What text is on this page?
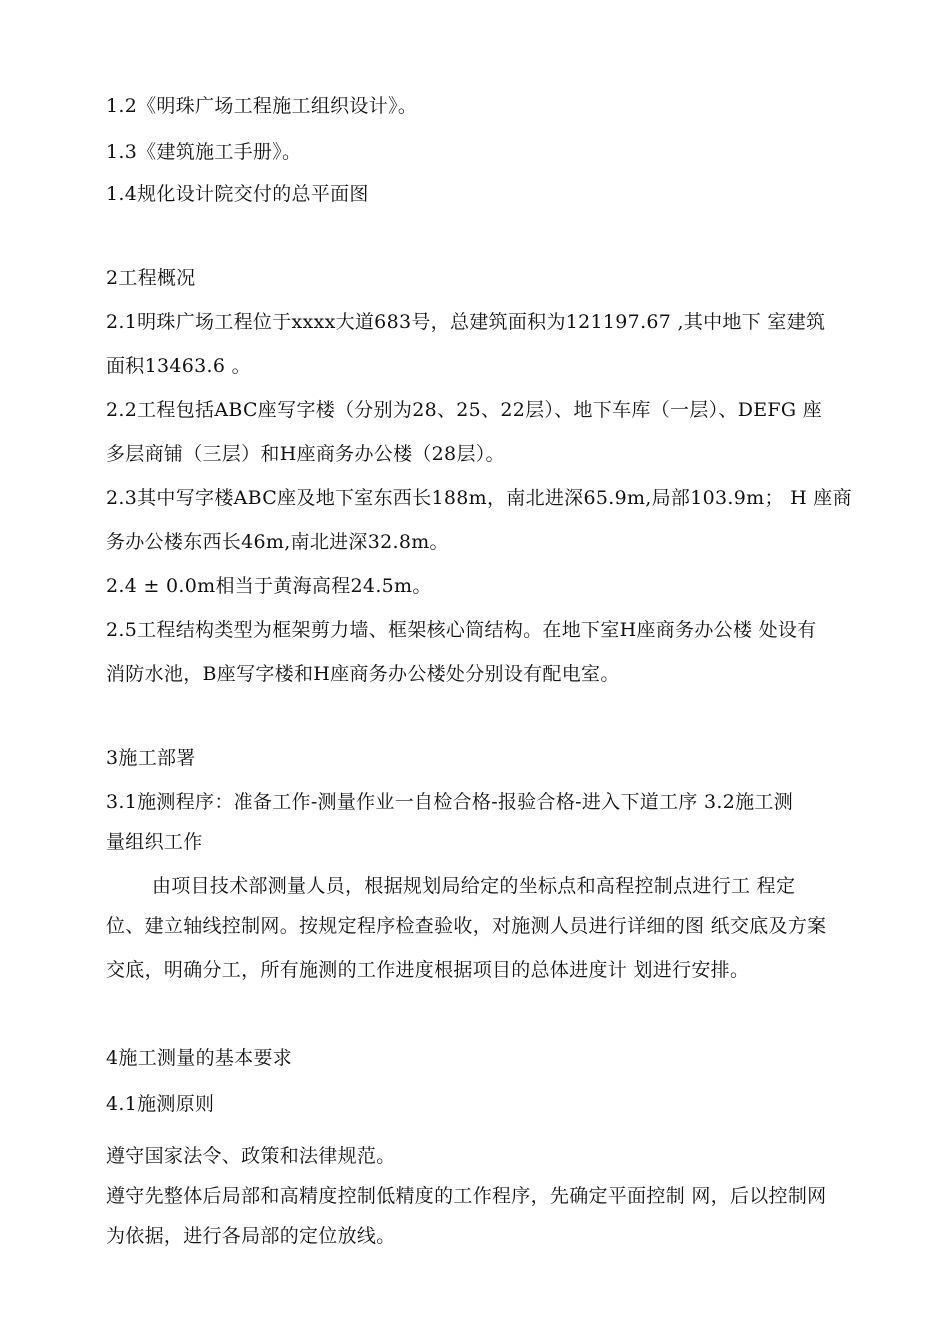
1.2《明珠广场工程施工组织设计》。
1.3《建筑施工手册》。
1.4规化设计院交付的总平面图
2工程概况
2.1明珠广场工程位于xxxx大道683号，总建筑面积为121197.67 ,其中地下 室建筑
面积13463.6 。
2.2工程包括ABC座写字楼（分别为28、25、22层）、地下车库（一层）、DEFG 座
多层商铺（三层）和H座商务办公楼（28层）。
2.3其中写字楼ABC座及地下室东西长188m，南北进深65.9m,局部103.9m； H 座商
务办公楼东西长46m,南北进深32.8m。
2.4 ± 0.0m相当于黄海高程24.5m。
2.5工程结构类型为框架剪力墙、框架核心筒结构。在地下室H座商务办公楼 处设有
消防水池，B座写字楼和H座商务办公楼处分别设有配电室。
3施工部署
3.1施测程序：准备工作-测量作业一自检合格-报验合格-进入下道工序 3.2施工测
量组织工作
由项目技术部测量人员，根据规划局给定的坐标点和高程控制点进行工 程定
位、建立轴线控制网。按规定程序检查验收，对施测人员进行详细的图 纸交底及方案
交底，明确分工，所有施测的工作进度根据项目的总体进度计 划进行安排。
4施工测量的基本要求
4.1施测原则
遵守国家法令、政策和法律规范。
遵守先整体后局部和高精度控制低精度的工作程序，先确定平面控制 网，后以控制网
为依据，进行各局部的定位放线。
